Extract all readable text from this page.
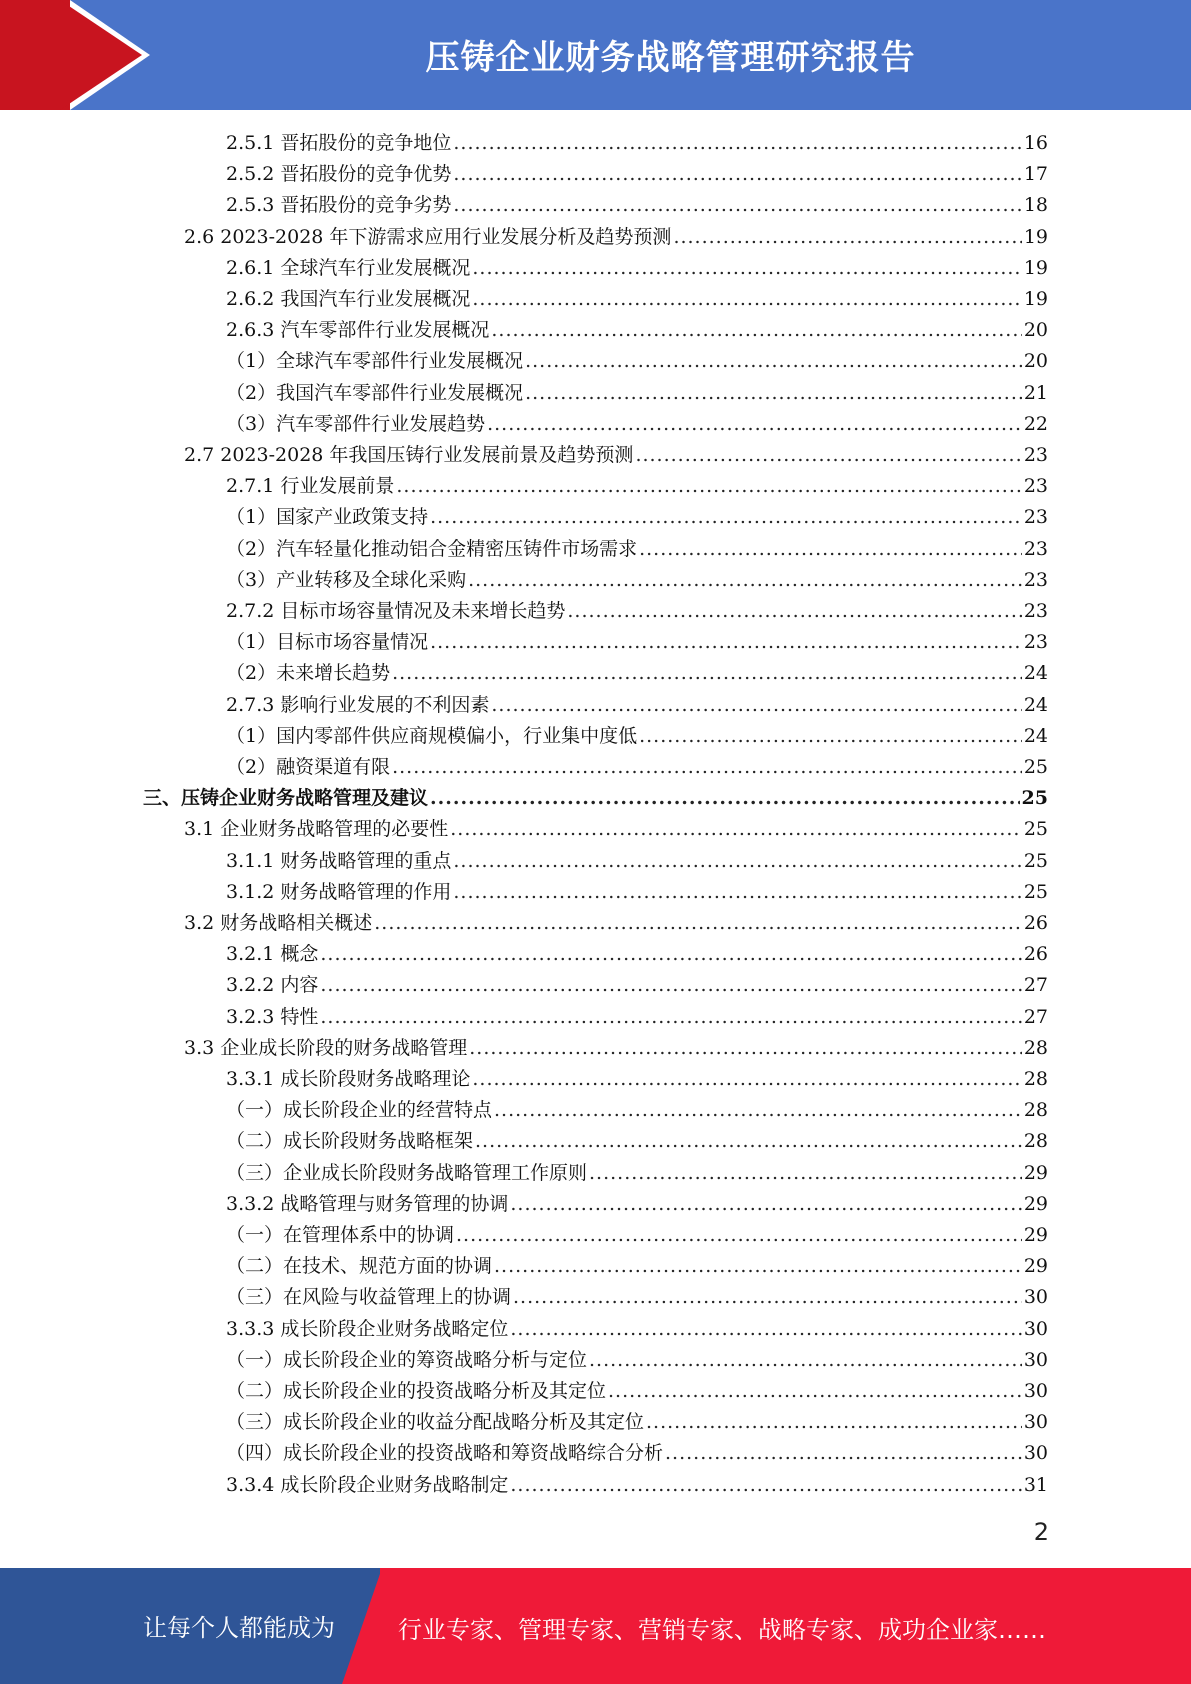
压铸企业财务战略管理研究报告
2.5.1 晋拓股份的竞争地位 .....	16
2.5.2 晋拓股份的竞争优势 .....	17
2.5.3 晋拓股份的竞争劣势 .....	18
2.6 2023-2028 年下游需求应用行业发展分析及趋势预测 .....	19
2.6.1 全球汽车行业发展概况 .....	19
2.6.2 我国汽车行业发展概况 .....	19
2.6.3 汽车零部件行业发展概况 .....	20
（1）全球汽车零部件行业发展概况 .....	20
（2）我国汽车零部件行业发展概况 .....	21
（3）汽车零部件行业发展趋势 .....	22
2.7 2023-2028 年我国压铸行业发展前景及趋势预测 .....	23
2.7.1 行业发展前景 .....	23
（1）国家产业政策支持 .....	23
（2）汽车轻量化推动铝合金精密压铸件市场需求 .....	23
（3）产业转移及全球化采购 .....	23
2.7.2 目标市场容量情况及未来增长趋势 .....	23
（1）目标市场容量情况 .....	23
（2）未来增长趋势 .....	24
2.7.3 影响行业发展的不利因素 .....	24
（1）国内零部件供应商规模偏小，行业集中度低 .....	24
（2）融资渠道有限 .....	25
三、压铸企业财务战略管理及建议 .....	25
3.1 企业财务战略管理的必要性 .....	25
3.1.1 财务战略管理的重点 .....	25
3.1.2 财务战略管理的作用 .....	25
3.2 财务战略相关概述 .....	26
3.2.1 概念 .....	26
3.2.2 内容 .....	27
3.2.3 特性 .....	27
3.3 企业成长阶段的财务战略管理 .....	28
3.3.1 成长阶段财务战略理论 .....	28
（一）成长阶段企业的经营特点 .....	28
（二）成长阶段财务战略框架 .....	28
（三）企业成长阶段财务战略管理工作原则 .....	29
3.3.2 战略管理与财务管理的协调 .....	29
（一）在管理体系中的协调 .....	29
（二）在技术、规范方面的协调 .....	29
（三）在风险与收益管理上的协调 .....	30
3.3.3 成长阶段企业财务战略定位 .....	30
（一）成长阶段企业的筹资战略分析与定位 .....	30
（二）成长阶段企业的投资战略分析及其定位 .....	30
（三）成长阶段企业的收益分配战略分析及其定位 .....	30
（四）成长阶段企业的投资战略和筹资战略综合分析 .....	30
3.3.4 成长阶段企业财务战略制定 .....	31
2
让每个人都能成为	行业专家、管理专家、营销专家、战略专家、成功企业家……
